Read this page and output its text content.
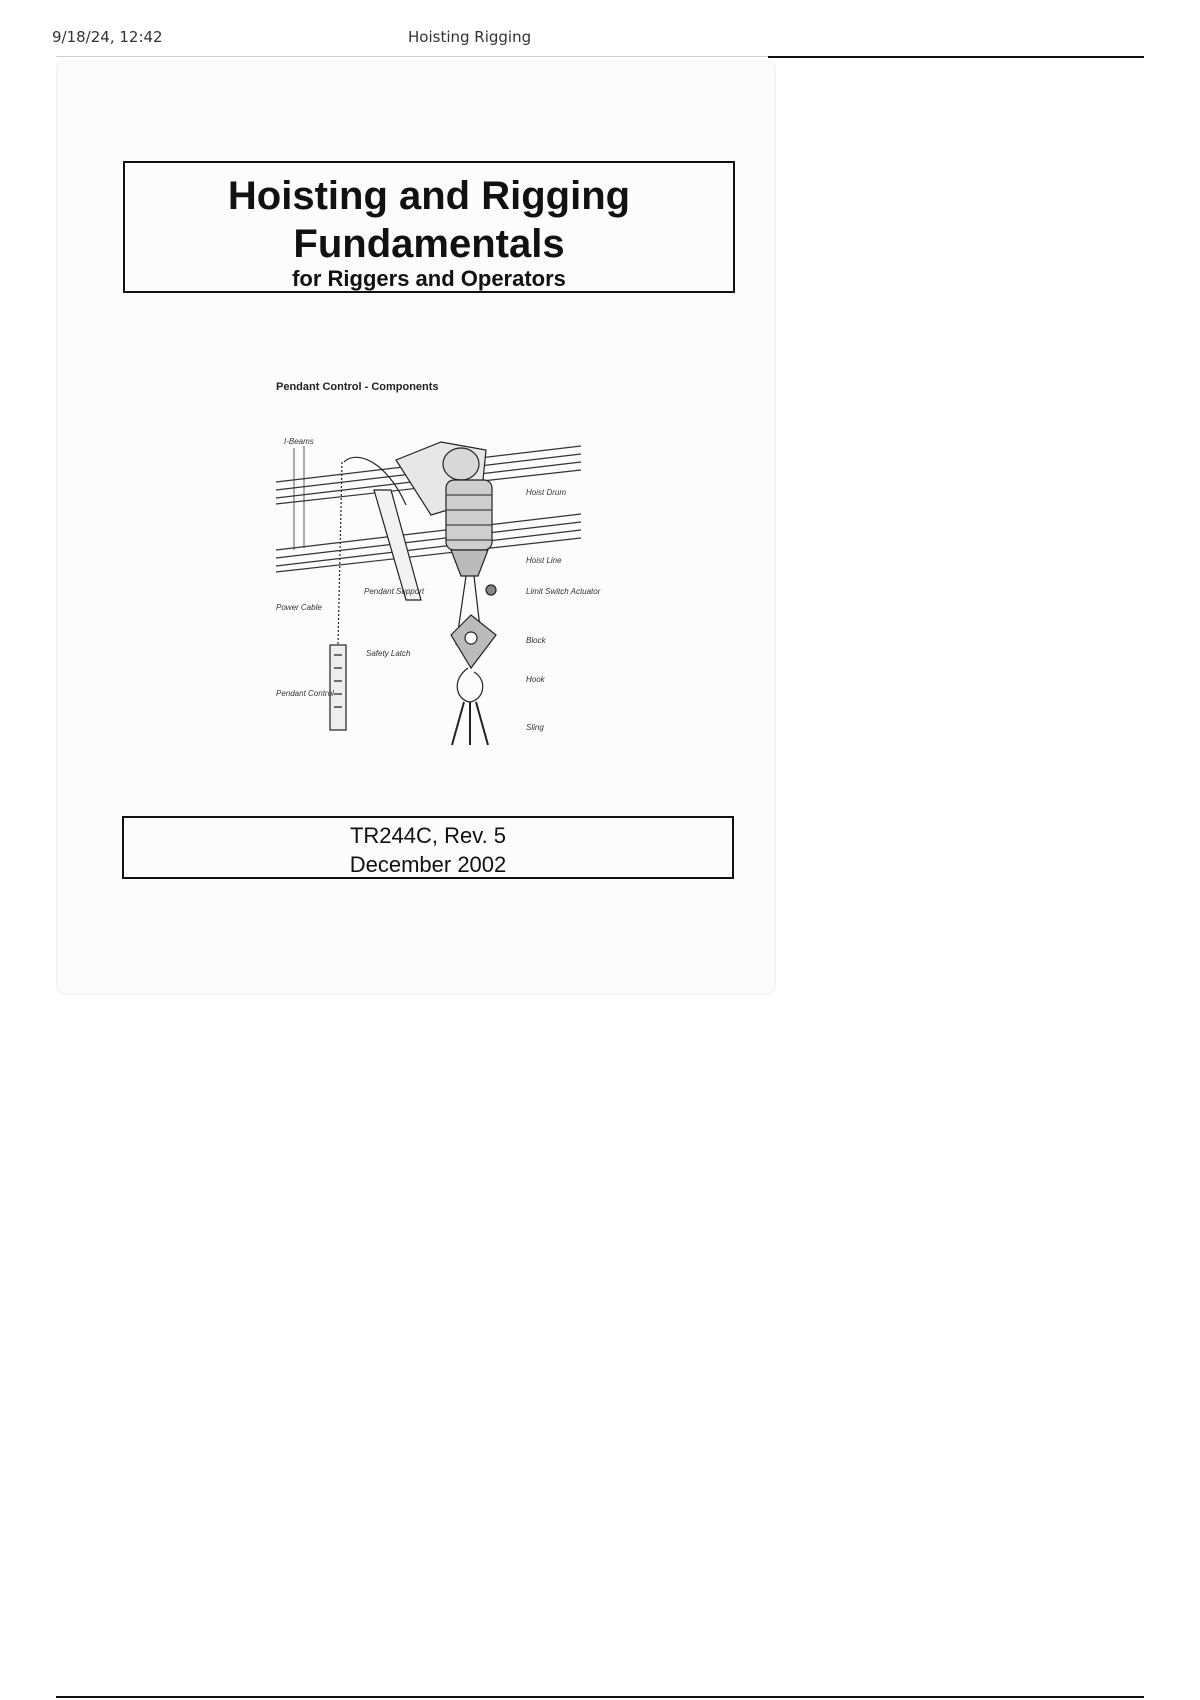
9/18/24, 12:42	Hoisting Rigging
Hoisting and Rigging
Fundamentals
for Riggers and Operators
Pendant Control - Components
I-Beams
Hoist Drum
Hoist Line
Limit Switch Actuator
Pendant Support
Power Cable
Block
Safety Latch
Hook
Pendant Control
Sling
TR244C, Rev. 5
December 2002
